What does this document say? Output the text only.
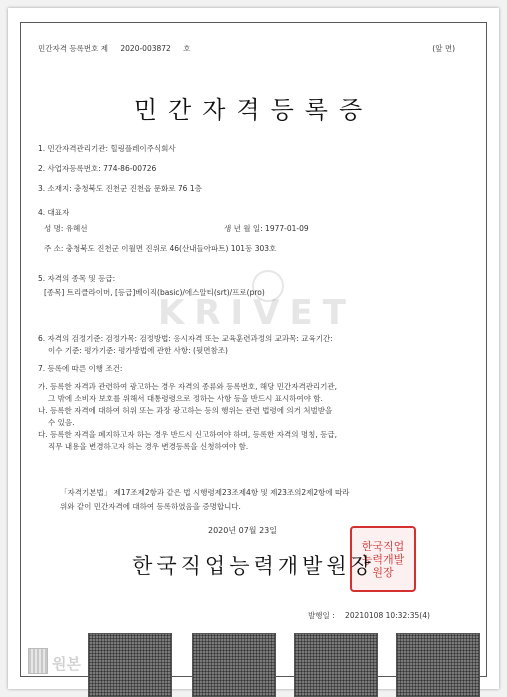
KRIVET
민간자격 등록번호 제 2020-003872 호	(앞 면)
민간자격등록증
1. 민간자격관리기관: 힐링플레이주식회사
2. 사업자등록번호: 774-86-00726
3. 소재지: 충청북도 진천군 진천읍 문화로 76 1층
4. 대표자
성 명: 유혜선	생 년 월 일: 1977-01-09
주 소: 충청북도 진천군 이월면 진위로 46(산내들아파트) 101동 303호
5. 자격의 종목 및 등급:
[종목] 트리클라이머, [등급]베이직(basic)/에스알티(srt)/프로(pro)
6. 자격의 검정기준: 검정가목: 검정방법: 응시자격 또는 교육훈련과정의 교과목: 교육기간:
이수 기준: 평가기준: 평가방법에 관한 사항: (뒷면참조)
7. 등록에 따른 이행 조건:
가. 등록한 자격과 관련하여 광고하는 경우 자격의 종류와 등록번호, 해당 민간자격관리기관,
그 밖에 소비자 보호를 위해서 대통령령으로 정하는 사항 등을 반드시 표시하여야 함.
나. 등록한 자격에 대하여 허위 또는 과장 광고하는 등의 행위는 관련 법령에 의거 처벌받을
수 있음.
다. 등록한 자격을 폐지하고자 하는 경우 반드시 신고하여야 하며, 등록한 자격의 명칭, 등급,
직무 내용을 변경하고자 하는 경우 변경등록을 신청하여야 함.
「자격기본법」 제17조제2항과 같은 법 시행령제23조제4항 및 제23조의2제2항에 따라
위와 같이 민간자격에 대하여 등록하였음을 증명합니다.
2020년 07월 23일
한국직업
능력개발
원장
한국직업능력개발원장
발행일 : 20210108 10:32:35(4)
원본
